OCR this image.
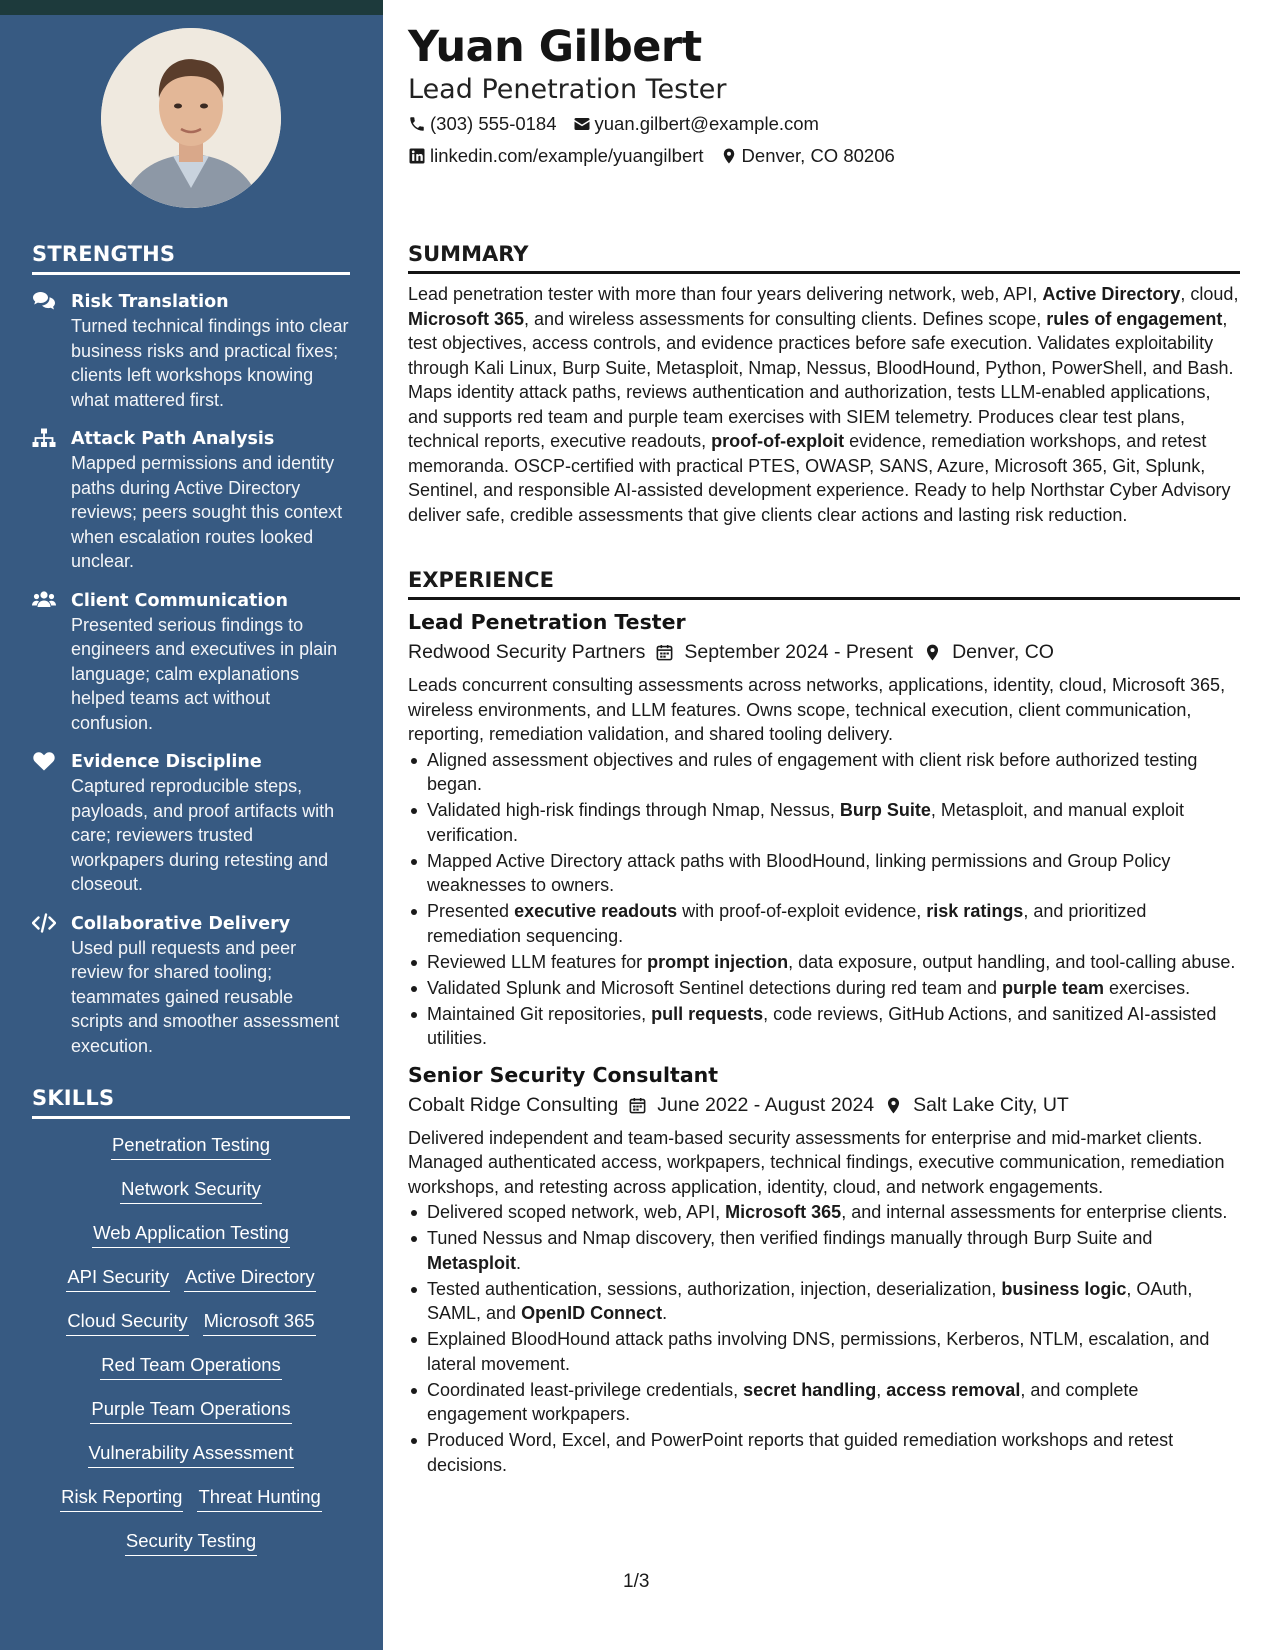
STRENGTHS
Risk Translation
Turned technical findings into clear business risks and practical fixes; clients left workshops knowing what mattered first.
Attack Path Analysis
Mapped permissions and identity paths during Active Directory reviews; peers sought this context when escalation routes looked unclear.
Client Communication
Presented serious findings to engineers and executives in plain language; calm explanations helped teams act without confusion.
Evidence Discipline
Captured reproducible steps, payloads, and proof artifacts with care; reviewers trusted workpapers during retesting and closeout.
Collaborative Delivery
Used pull requests and peer review for shared tooling; teammates gained reusable scripts and smoother assessment execution.
SKILLS
Penetration Testing
Network Security
Web Application Testing
API Security Active Directory
Cloud Security Microsoft 365
Red Team Operations
Purple Team Operations
Vulnerability Assessment
Risk Reporting Threat Hunting
Security Testing
Yuan Gilbert
Lead Penetration Tester
(303) 555-0184 yuan.gilbert@example.com
linkedin.com/example/yuangilbert Denver, CO 80206
SUMMARY
Lead penetration tester with more than four years delivering network, web, API, Active Directory, cloud, Microsoft 365, and wireless assessments for consulting clients. Defines scope, rules of engagement, test objectives, access controls, and evidence practices before safe execution. Validates exploitability through Kali Linux, Burp Suite, Metasploit, Nmap, Nessus, BloodHound, Python, PowerShell, and Bash. Maps identity attack paths, reviews authentication and authorization, tests LLM-enabled applications, and supports red team and purple team exercises with SIEM telemetry. Produces clear test plans, technical reports, executive readouts, proof-of-exploit evidence, remediation workshops, and retest memoranda. OSCP-certified with practical PTES, OWASP, SANS, Azure, Microsoft 365, Git, Splunk, Sentinel, and responsible AI-assisted development experience. Ready to help Northstar Cyber Advisory deliver safe, credible assessments that give clients clear actions and lasting risk reduction.
EXPERIENCE
Lead Penetration Tester
Redwood Security Partners September 2024 - Present Denver, CO
Leads concurrent consulting assessments across networks, applications, identity, cloud, Microsoft 365, wireless environments, and LLM features. Owns scope, technical execution, client communication, reporting, remediation validation, and shared tooling delivery.
Aligned assessment objectives and rules of engagement with client risk before authorized testing began.
Validated high-risk findings through Nmap, Nessus, Burp Suite, Metasploit, and manual exploit verification.
Mapped Active Directory attack paths with BloodHound, linking permissions and Group Policy weaknesses to owners.
Presented executive readouts with proof-of-exploit evidence, risk ratings, and prioritized remediation sequencing.
Reviewed LLM features for prompt injection, data exposure, output handling, and tool-calling abuse.
Validated Splunk and Microsoft Sentinel detections during red team and purple team exercises.
Maintained Git repositories, pull requests, code reviews, GitHub Actions, and sanitized AI-assisted utilities.
Senior Security Consultant
Cobalt Ridge Consulting June 2022 - August 2024 Salt Lake City, UT
Delivered independent and team-based security assessments for enterprise and mid-market clients. Managed authenticated access, workpapers, technical findings, executive communication, remediation workshops, and retesting across application, identity, cloud, and network engagements.
Delivered scoped network, web, API, Microsoft 365, and internal assessments for enterprise clients.
Tuned Nessus and Nmap discovery, then verified findings manually through Burp Suite and Metasploit.
Tested authentication, sessions, authorization, injection, deserialization, business logic, OAuth, SAML, and OpenID Connect.
Explained BloodHound attack paths involving DNS, permissions, Kerberos, NTLM, escalation, and lateral movement.
Coordinated least-privilege credentials, secret handling, access removal, and complete engagement workpapers.
Produced Word, Excel, and PowerPoint reports that guided remediation workshops and retest decisions.
1/3
